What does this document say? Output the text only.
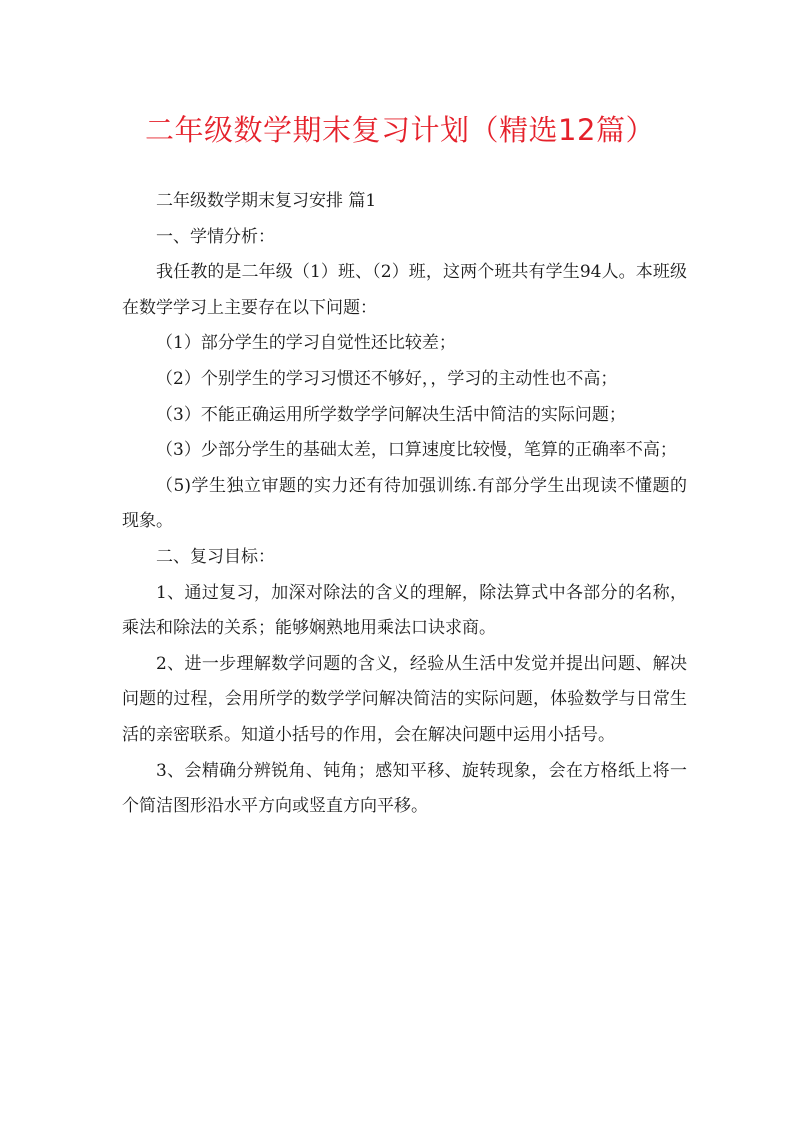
二年级数学期末复习计划（精选12篇）

二年级数学期末复习安排 篇1

一、学情分析：

我任教的是二年级（1）班、（2）班，这两个班共有学生94人。本班级在数学学习上主要存在以下问题：

（1）部分学生的学习自觉性还比较差；

（2）个别学生的学习习惯还不够好，，学习的主动性也不高；

（3）不能正确运用所学数学学问解决生活中简洁的实际问题；

（3）少部分学生的基础太差，口算速度比较慢，笔算的正确率不高；

（5)学生独立审题的实力还有待加强训练.有部分学生出现读不懂题的现象。

二、复习目标：

1、通过复习，加深对除法的含义的理解，除法算式中各部分的名称，乘法和除法的关系；能够娴熟地用乘法口诀求商。

2、进一步理解数学问题的含义，经验从生活中发觉并提出问题、解决问题的过程，会用所学的数学学问解决简洁的实际问题，体验数学与日常生活的亲密联系。知道小括号的作用，会在解决问题中运用小括号。

3、会精确分辨锐角、钝角；感知平移、旋转现象，会在方格纸上将一个简洁图形沿水平方向或竖直方向平移。
